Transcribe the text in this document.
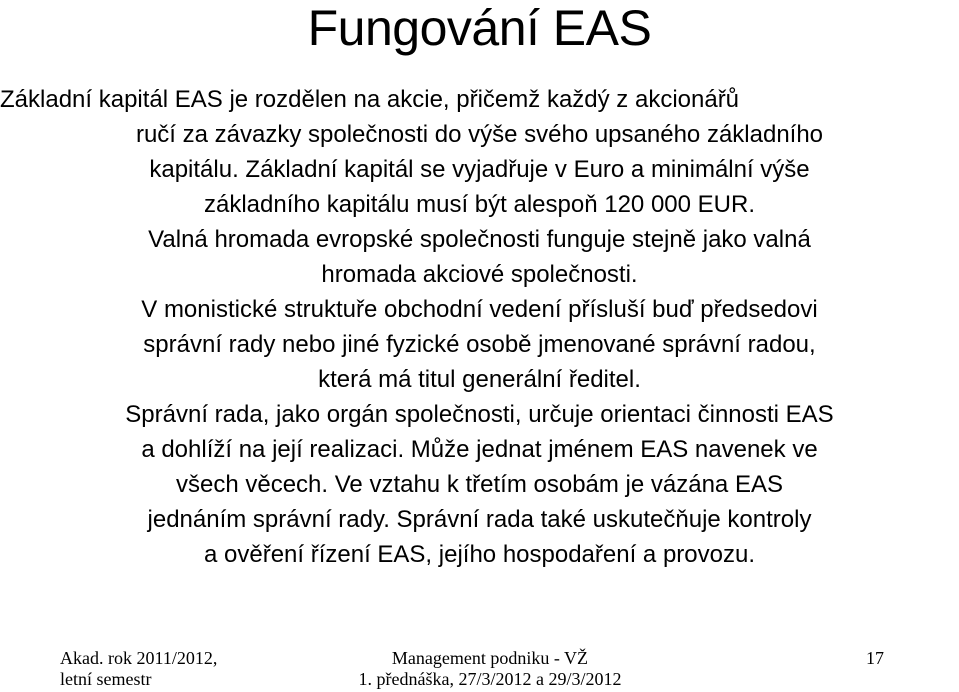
Fungování EAS

Základní kapitál EAS je rozdělen na akcie, přičemž každý z akcionářů
ručí za závazky společnosti do výše svého upsaného základního
kapitálu. Základní kapitál se vyjadřuje v Euro a minimální výše
základního kapitálu musí být alespoň 120 000 EUR.

Valná hromada evropské společnosti funguje stejně jako valná
hromada akciové společnosti.

V monistické struktuře obchodní vedení přísluší buď předsedovi
správní rady nebo jiné fyzické osobě jmenované správní radou,
která má titul generální ředitel.

Správní rada, jako orgán společnosti, určuje orientaci činnosti EAS
a dohlíží na její realizaci. Může jednat jménem EAS navenek ve
všech věcech. Ve vztahu k třetím osobám je vázána EAS
jednáním správní rady. Správní rada také uskutečňuje kontroly
a ověření řízení EAS, jejího hospodaření a provozu.

Akad. rok 2011/2012,
letní semestr
Management podniku - VŽ
1. přednáška, 27/3/2012 a 29/3/2012
17
